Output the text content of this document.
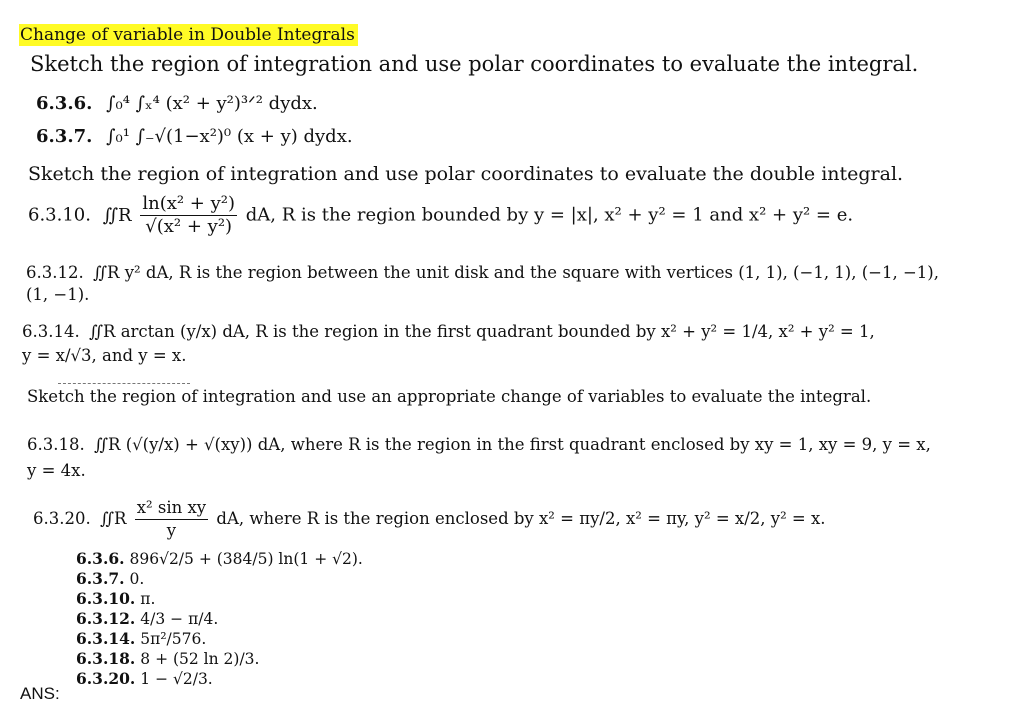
Change of variable in Double Integrals
Sketch the region of integration and use polar coordinates to evaluate the integral.
6.3.6. ∫₀⁴ ∫ₓ⁴ (x² + y²)³ᐟ² dydx.
6.3.7. ∫₀¹ ∫₋√(1−x²)⁰ (x + y) dydx.
Sketch the region of integration and use polar coordinates to evaluate the double integral.
6.3.10. ∬R $\frac{\text{ln(x² + y²)}}{\text{√(x² + y²)}}$ dA, R is the region bounded by y = |x|, x² + y² = 1 and x² + y² = e.
6.3.12. ∬R y² dA, R is the region between the unit disk and the square with vertices (1, 1), (−1, 1), (−1, −1),
(1, −1).
6.3.14. ∬R arctan (y/x) dA, R is the region in the first quadrant bounded by x² + y² = 1/4, x² + y² = 1,
y = x/√3, and y = x.
Sketch the region of integration and use an appropriate change of variables to evaluate the integral.
6.3.18. ∬R (√(y/x) + √(xy)) dA, where R is the region in the first quadrant enclosed by xy = 1, xy = 9, y = x,
y = 4x.
6.3.20. ∬R $\frac{\text{x² sin xy}}{y}$ dA, where R is the region enclosed by x² = πy/2, x² = πy, y² = x/2, y² = x.
6.3.6. 896√2/5 + (384/5) ln(1 + √2).
6.3.7. 0.
6.3.10. π.
6.3.12. 4/3 − π/4.
6.3.14. 5π²/576.
6.3.18. 8 + (52 ln 2)/3.
6.3.20. 1 − √2/3.
ANS:
